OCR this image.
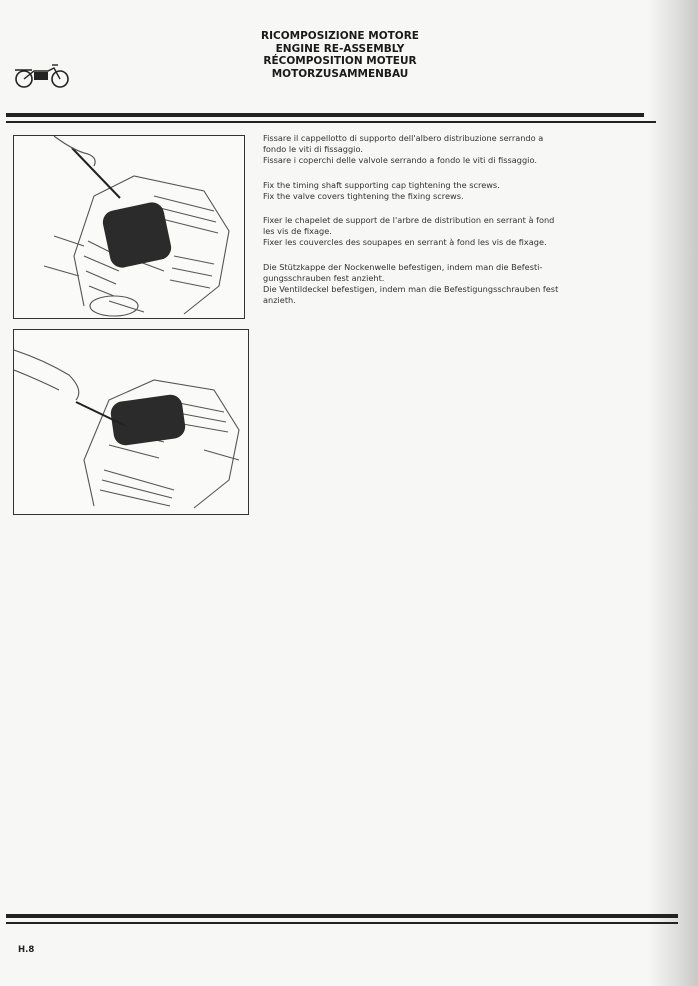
RICOMPOSIZIONE MOTORE
ENGINE RE-ASSEMBLY
RÉCOMPOSITION MOTEUR
MOTORZUSAMMENBAU
Fissare il cappellotto di supporto dell'albero distribuzione serrando a
fondo le viti di fissaggio.
Fissare i coperchi delle valvole serrando a fondo le viti di fissaggio.
Fix the timing shaft supporting cap tightening the screws.
Fix the valve covers tightening the fixing screws.
Fixer le chapelet de support de l'arbre de distribution en serrant à fond
les vis de fixage.
Fixer les couvercles des soupapes en serrant à fond les vis de fixage.
Die Stützkappe der Nockenwelle befestigen, indem man die Befesti-
gungsschrauben fest anzieht.
Die Ventildeckel befestigen, indem man die Befestigungsschrauben fest
anzieth.
H.8
